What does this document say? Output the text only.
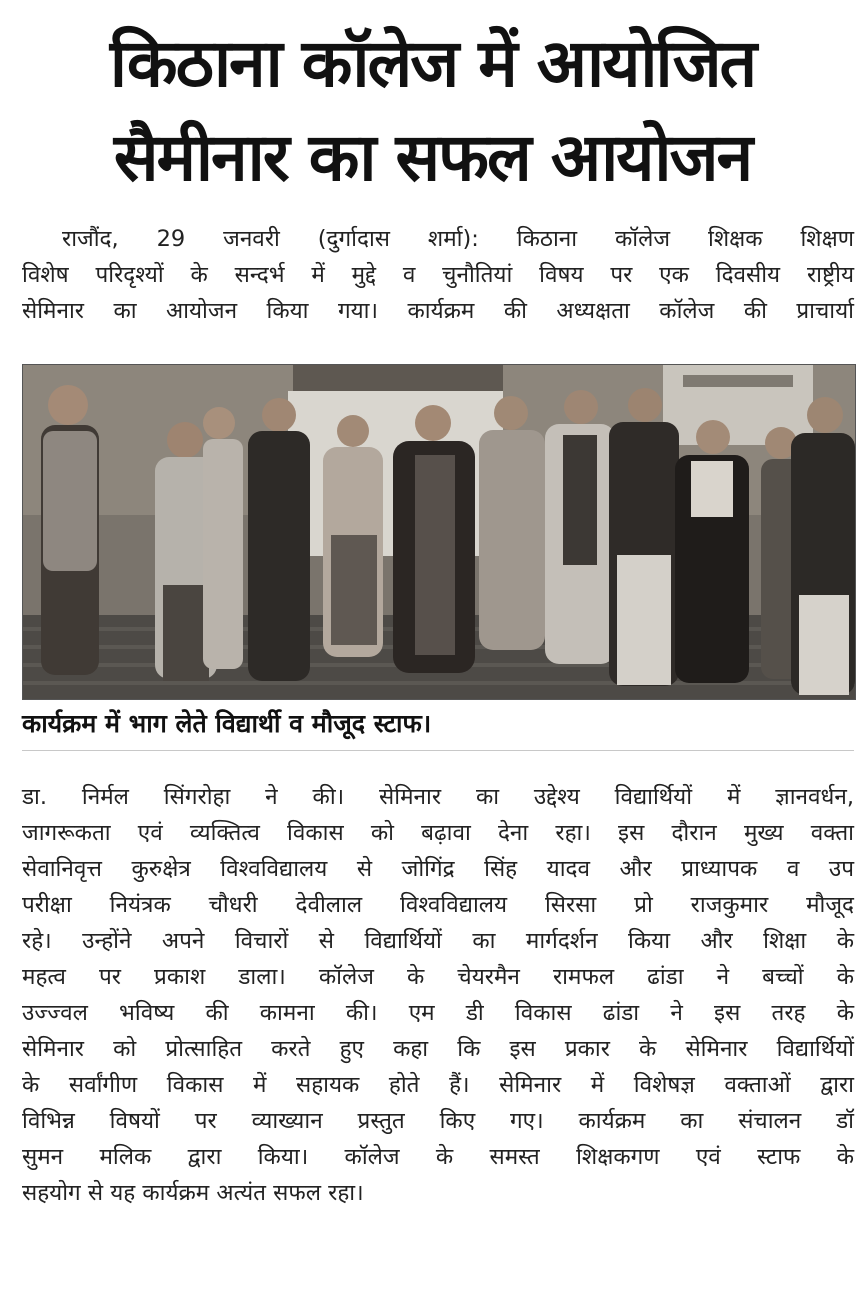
किठाना कॉलेज में आयोजित
सैमीनार का सफल आयोजन
राजौंद, 29 जनवरी (दुर्गादास शर्मा): किठाना कॉलेज शिक्षक शिक्षण
विशेष परिदृश्यों के सन्दर्भ में मुद्दे व चुनौतियां विषय पर एक दिवसीय राष्ट्रीय
सेमिनार का आयोजन किया गया। कार्यक्रम की अध्यक्षता कॉलेज की प्राचार्या
कार्यक्रम में भाग लेते विद्यार्थी व मौजूद स्टाफ।
डा. निर्मल सिंगरोहा ने की। सेमिनार का उद्देश्य विद्यार्थियों में ज्ञानवर्धन,
जागरूकता एवं व्यक्तित्व विकास को बढ़ावा देना रहा। इस दौरान मुख्य वक्ता
सेवानिवृत्त कुरुक्षेत्र विश्वविद्यालय से जोगिंद्र सिंह यादव और प्राध्यापक व उप
परीक्षा नियंत्रक चौधरी देवीलाल विश्वविद्यालय सिरसा प्रो राजकुमार मौजूद
रहे। उन्होंने अपने विचारों से विद्यार्थियों का मार्गदर्शन किया और शिक्षा के
महत्व पर प्रकाश डाला। कॉलेज के चेयरमैन रामफल ढांडा ने बच्चों के
उज्ज्वल भविष्य की कामना की। एम डी विकास ढांडा ने इस तरह के
सेमिनार को प्रोत्साहित करते हुए कहा कि इस प्रकार के सेमिनार विद्यार्थियों
के सर्वांगीण विकास में सहायक होते हैं। सेमिनार में विशेषज्ञ वक्ताओं द्वारा
विभिन्न विषयों पर व्याख्यान प्रस्तुत किए गए। कार्यक्रम का संचालन डॉ
सुमन मलिक द्वारा किया। कॉलेज के समस्त शिक्षकगण एवं स्टाफ के
सहयोग से यह कार्यक्रम अत्यंत सफल रहा।
